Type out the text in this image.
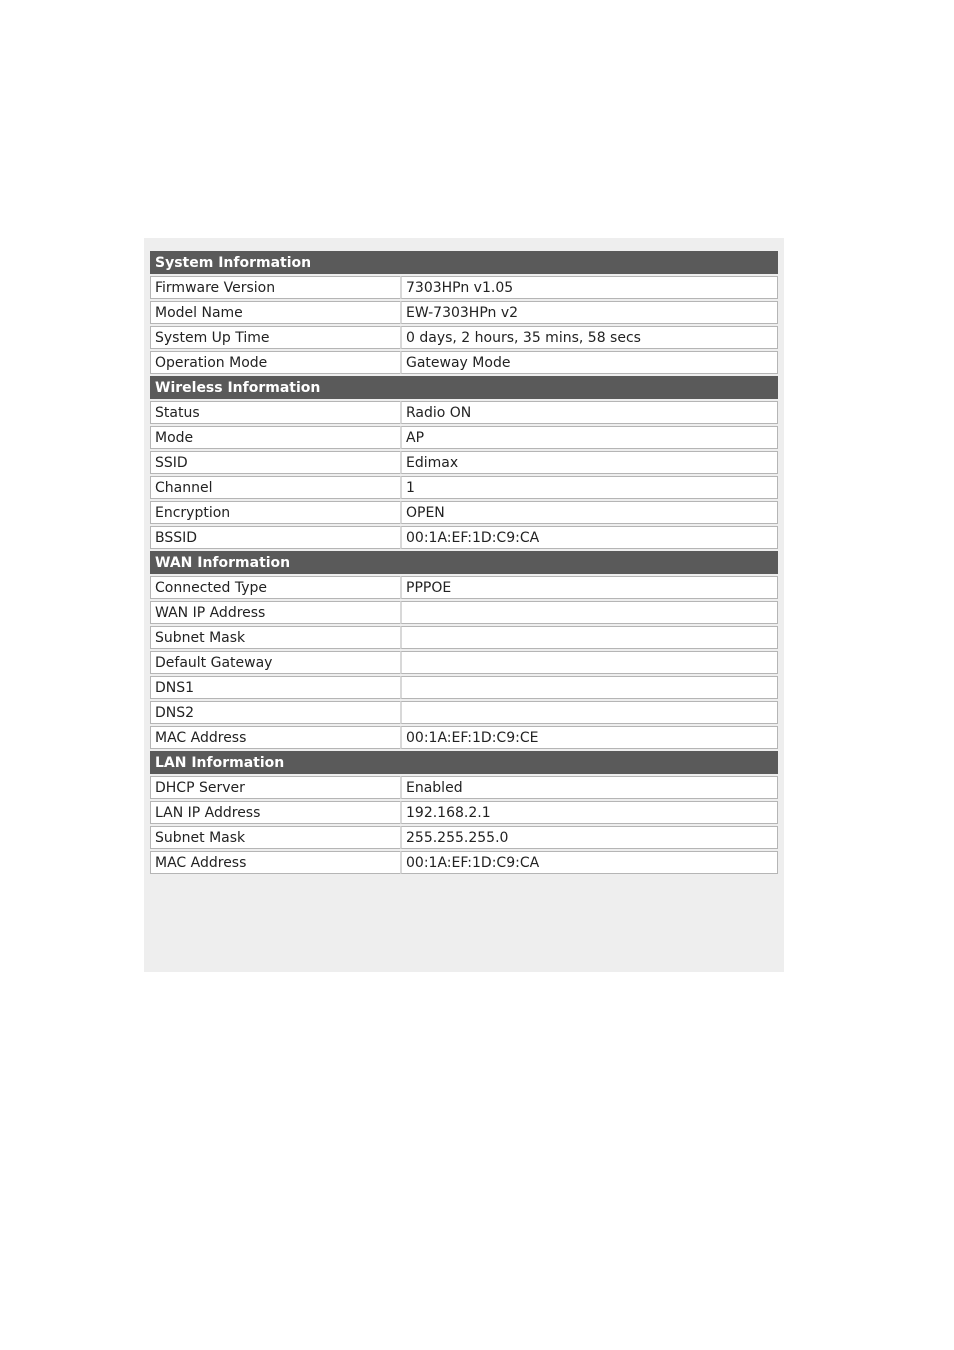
System Information	
Firmware Version	7303HPn v1.05
Model Name	EW-7303HPn v2
System Up Time	0 days, 2 hours, 35 mins, 58 secs
Operation Mode	Gateway Mode
Wireless Information	
Status	Radio ON
Mode	AP
SSID	Edimax
Channel	1
Encryption	OPEN
BSSID	00:1A:EF:1D:C9:CA
WAN Information	
Connected Type	PPPOE
WAN IP Address	
Subnet Mask	
Default Gateway	
DNS1	
DNS2	
MAC Address	00:1A:EF:1D:C9:CE
LAN Information	
DHCP Server	Enabled
LAN IP Address	192.168.2.1
Subnet Mask	255.255.255.0
MAC Address	00:1A:EF:1D:C9:CA
